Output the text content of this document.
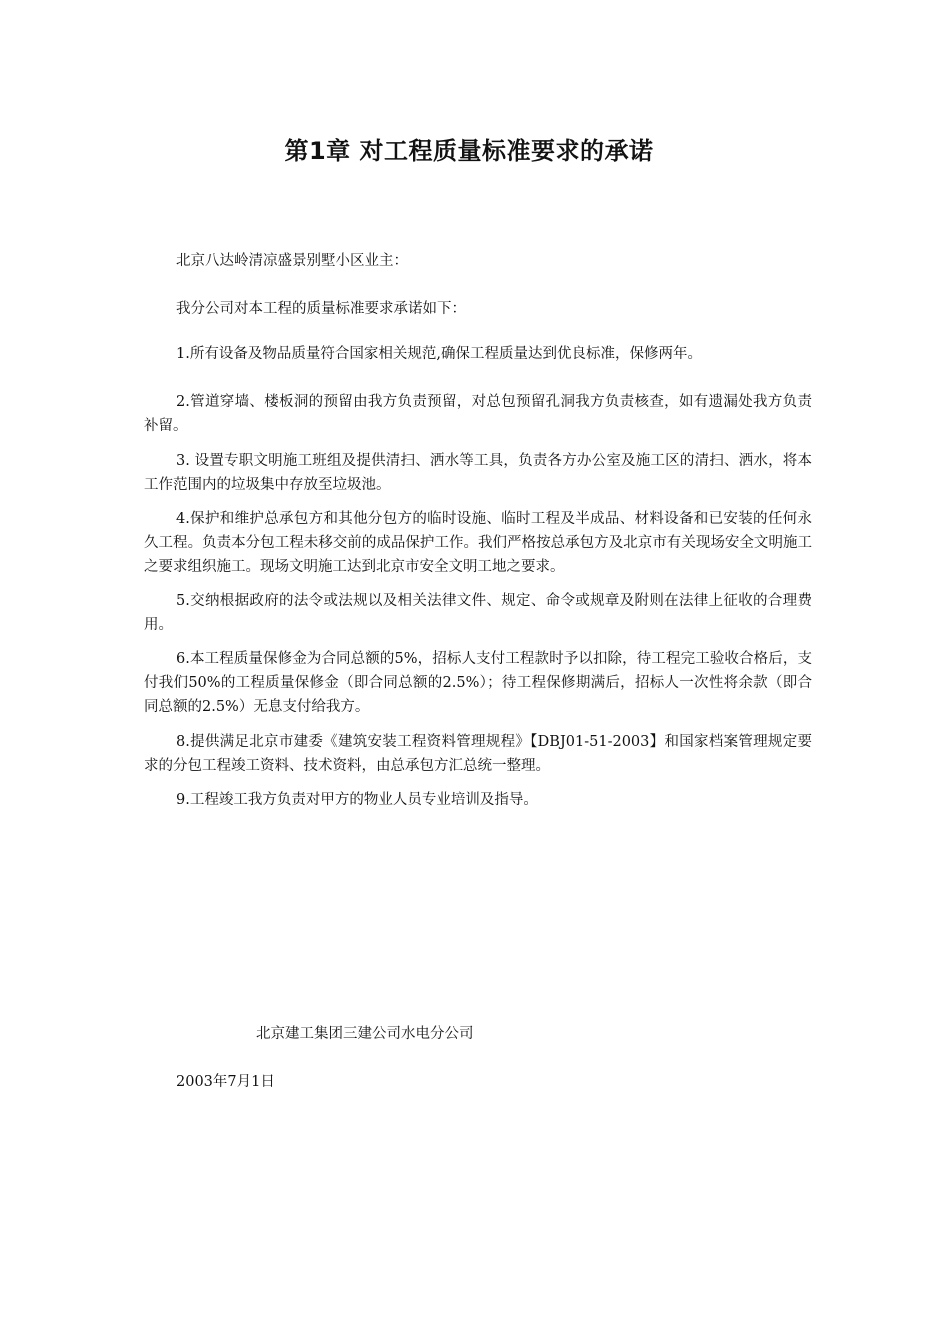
第1章 对工程质量标准要求的承诺
北京八达岭清凉盛景别墅小区业主：
我分公司对本工程的质量标准要求承诺如下：

1.所有设备及物品质量符合国家相关规范,确保工程质量达到优良标准，保修两年。

2.管道穿墙、楼板洞的预留由我方负责预留，对总包预留孔洞我方负责核查，如有遗漏处我方负责补留。

3. 设置专职文明施工班组及提供清扫、洒水等工具，负责各方办公室及施工区的清扫、洒水，将本工作范围内的垃圾集中存放至垃圾池。

4.保护和维护总承包方和其他分包方的临时设施、临时工程及半成品、材料设备和已安装的任何永久工程。负责本分包工程未移交前的成品保护工作。我们严格按总承包方及北京市有关现场安全文明施工之要求组织施工。现场文明施工达到北京市安全文明工地之要求。

5.交纳根据政府的法令或法规以及相关法律文件、规定、命令或规章及附则在法律上征收的合理费用。

6.本工程质量保修金为合同总额的5%，招标人支付工程款时予以扣除，待工程完工验收合格后，支付我们50%的工程质量保修金（即合同总额的2.5%）；待工程保修期满后，招标人一次性将余款（即合同总额的2.5%）无息支付给我方。

8.提供满足北京市建委《建筑安装工程资料管理规程》【DBJ01-51-2003】和国家档案管理规定要求的分包工程竣工资料、技术资料，由总承包方汇总统一整理。

9.工程竣工我方负责对甲方的物业人员专业培训及指导。

北京建工集团三建公司水电分公司
2003年7月1日
